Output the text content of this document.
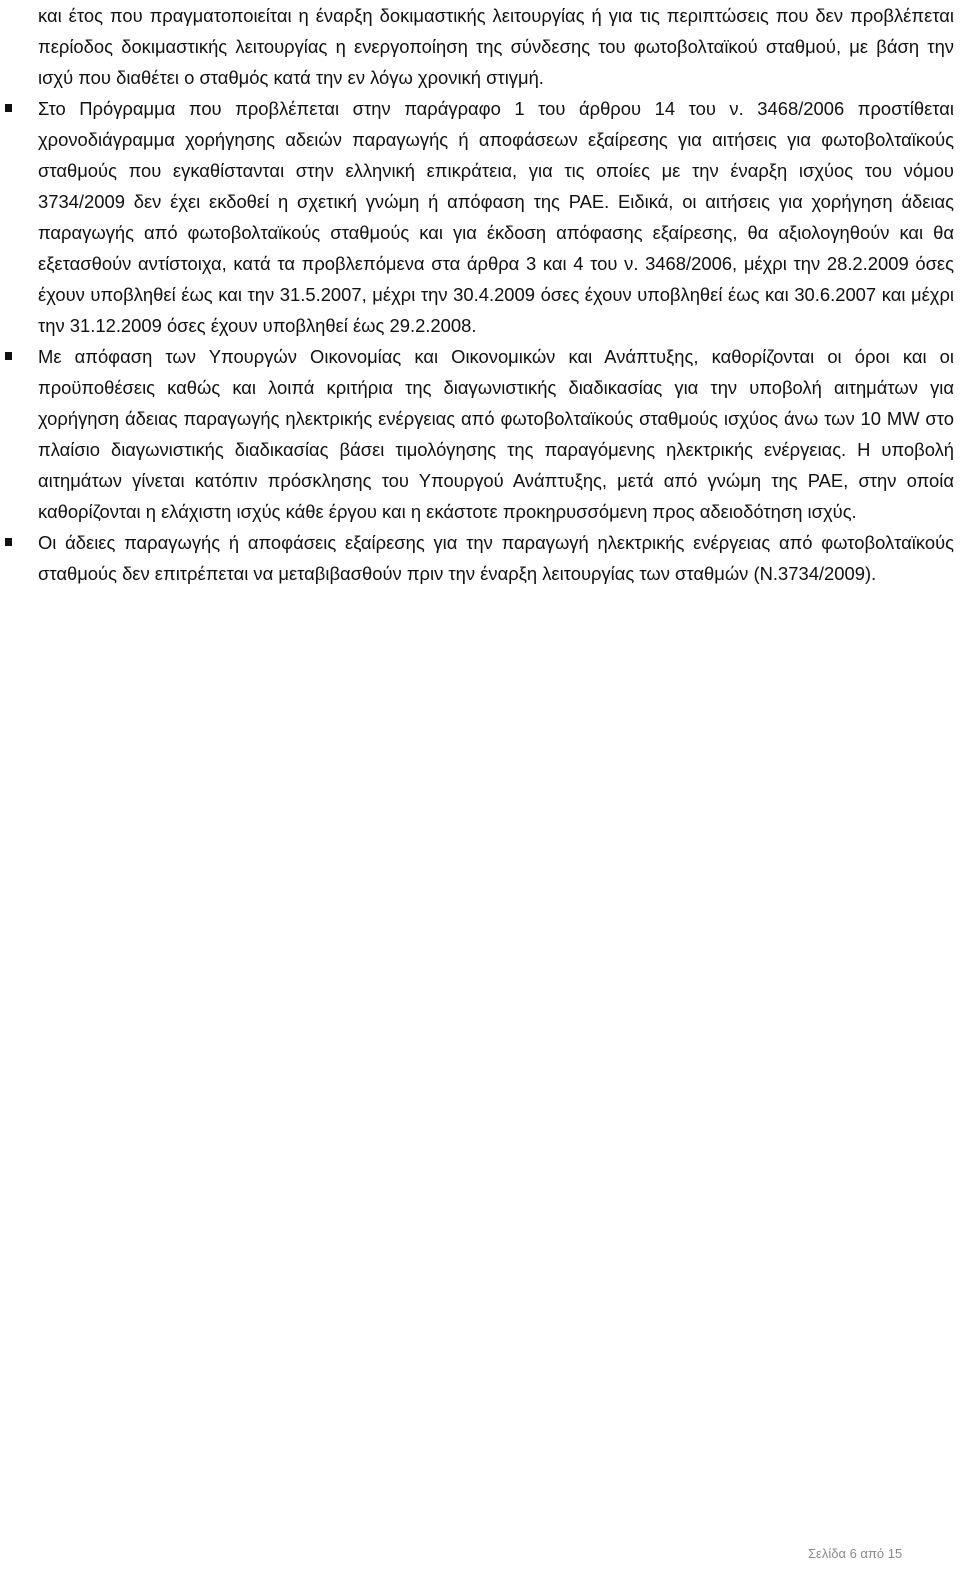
και έτος που πραγματοποιείται η έναρξη δοκιμαστικής λειτουργίας ή για τις περιπτώσεις που δεν προβλέπεται περίοδος δοκιμαστικής λειτουργίας η ενεργοποίηση της σύνδεσης του φωτοβολταϊκού σταθμού, με βάση την ισχύ που διαθέτει ο σταθμός κατά την εν λόγω χρονική στιγμή.

Στο Πρόγραμμα που προβλέπεται στην παράγραφο 1 του άρθρου 14 του ν. 3468/2006 προστίθεται χρονοδιάγραμμα χορήγησης αδειών παραγωγής ή αποφάσεων εξαίρεσης για αιτήσεις για φωτοβολταϊκούς σταθμούς που εγκαθίστανται στην ελληνική επικράτεια, για τις οποίες με την έναρξη ισχύος του νόμου 3734/2009 δεν έχει εκδοθεί η σχετική γνώμη ή απόφαση της ΡΑΕ. Ειδικά, οι αιτήσεις για χορήγηση άδειας παραγωγής από φωτοβολταϊκούς σταθμούς και για έκδοση απόφασης εξαίρεσης, θα αξιολογηθούν και θα εξετασθούν αντίστοιχα, κατά τα προβλεπόμενα στα άρθρα 3 και 4 του ν. 3468/2006, μέχρι την 28.2.2009 όσες έχουν υποβληθεί έως και την 31.5.2007, μέχρι την 30.4.2009 όσες έχουν υποβληθεί έως και 30.6.2007 και μέχρι την 31.12.2009 όσες έχουν υποβληθεί έως 29.2.2008.
Με απόφαση των Υπουργών Οικονομίας και Οικονομικών και Ανάπτυξης, καθορίζονται οι όροι και οι προϋποθέσεις καθώς και λοιπά κριτήρια της διαγωνιστικής διαδικασίας για την υποβολή αιτημάτων για χορήγηση άδειας παραγωγής ηλεκτρικής ενέργειας από φωτοβολταϊκούς σταθμούς ισχύος άνω των 10 MW στο πλαίσιο διαγωνιστικής διαδικασίας βάσει τιμολόγησης της παραγόμενης ηλεκτρικής ενέργειας. Η υποβολή αιτημάτων γίνεται κατόπιν πρόσκλησης του Υπουργού Ανάπτυξης, μετά από γνώμη της ΡΑΕ, στην οποία καθορίζονται η ελάχιστη ισχύς κάθε έργου και η εκάστοτε προκηρυσσόμενη προς αδειοδότηση ισχύς.
Οι άδειες παραγωγής ή αποφάσεις εξαίρεσης για την παραγωγή ηλεκτρικής ενέργειας από φωτοβολταϊκούς σταθμούς δεν επιτρέπεται να μεταβιβασθούν πριν την έναρξη λειτουργίας των σταθμών (Ν.3734/2009).
Σελίδα 6 από 15
